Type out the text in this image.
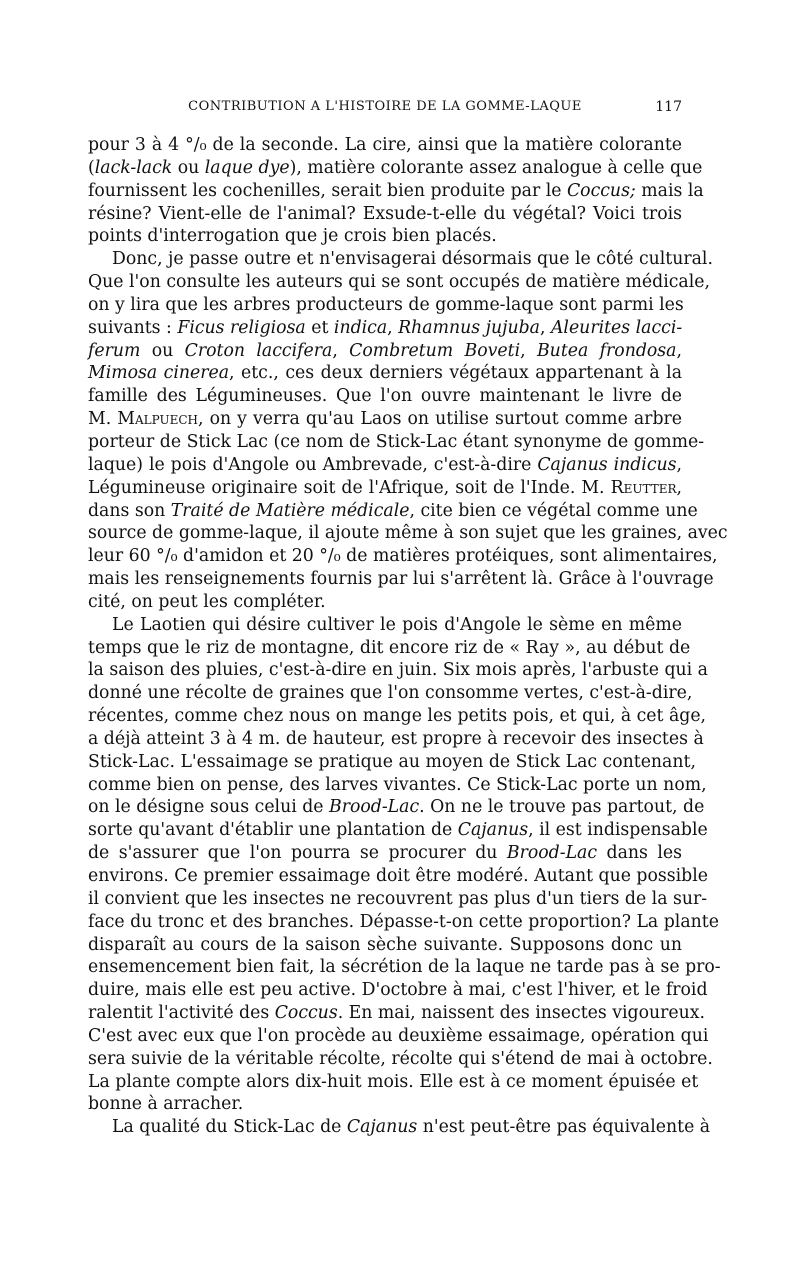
CONTRIBUTION A L'HISTOIRE DE LA GOMME-LAQUE	117
pour 3 à 4 °/₀ de la seconde. La cire, ainsi que la matière colorante
(lack-lack ou laque dye), matière colorante assez analogue à celle que
fournissent les cochenilles, serait bien produite par le Coccus; mais la
résine? Vient-elle de l'animal? Exsude-t-elle du végétal? Voici trois
points d'interrogation que je crois bien placés.
Donc, je passe outre et n'envisagerai désormais que le côté cultural.
Que l'on consulte les auteurs qui se sont occupés de matière médicale,
on y lira que les arbres producteurs de gomme-laque sont parmi les
suivants : Ficus religiosa et indica, Rhamnus jujuba, Aleurites lacci-
ferum ou Croton laccifera, Combretum Boveti, Butea frondosa,
Mimosa cinerea, etc., ces deux derniers végétaux appartenant à la
famille des Légumineuses. Que l'on ouvre maintenant le livre de
M. Malpuech, on y verra qu'au Laos on utilise surtout comme arbre
porteur de Stick Lac (ce nom de Stick-Lac étant synonyme de gomme-
laque) le pois d'Angole ou Ambrevade, c'est-à-dire Cajanus indicus,
Légumineuse originaire soit de l'Afrique, soit de l'Inde. M. Reutter,
dans son Traité de Matière médicale, cite bien ce végétal comme une
source de gomme-laque, il ajoute même à son sujet que les graines, avec
leur 60 °/₀ d'amidon et 20 °/₀ de matières protéiques, sont alimentaires,
mais les renseignements fournis par lui s'arrêtent là. Grâce à l'ouvrage
cité, on peut les compléter.
Le Laotien qui désire cultiver le pois d'Angole le sème en même
temps que le riz de montagne, dit encore riz de « Ray », au début de
la saison des pluies, c'est-à-dire en juin. Six mois après, l'arbuste qui a
donné une récolte de graines que l'on consomme vertes, c'est-à-dire,
récentes, comme chez nous on mange les petits pois, et qui, à cet âge,
a déjà atteint 3 à 4 m. de hauteur, est propre à recevoir des insectes à
Stick-Lac. L'essaimage se pratique au moyen de Stick Lac contenant,
comme bien on pense, des larves vivantes. Ce Stick-Lac porte un nom,
on le désigne sous celui de Brood-Lac. On ne le trouve pas partout, de
sorte qu'avant d'établir une plantation de Cajanus, il est indispensable
de s'assurer que l'on pourra se procurer du Brood-Lac dans les
environs. Ce premier essaimage doit être modéré. Autant que possible
il convient que les insectes ne recouvrent pas plus d'un tiers de la sur-
face du tronc et des branches. Dépasse-t-on cette proportion? La plante
disparaît au cours de la saison sèche suivante. Supposons donc un
ensemencement bien fait, la sécrétion de la laque ne tarde pas à se pro-
duire, mais elle est peu active. D'octobre à mai, c'est l'hiver, et le froid
ralentit l'activité des Coccus. En mai, naissent des insectes vigoureux.
C'est avec eux que l'on procède au deuxième essaimage, opération qui
sera suivie de la véritable récolte, récolte qui s'étend de mai à octobre.
La plante compte alors dix-huit mois. Elle est à ce moment épuisée et
bonne à arracher.
La qualité du Stick-Lac de Cajanus n'est peut-être pas équivalente à
